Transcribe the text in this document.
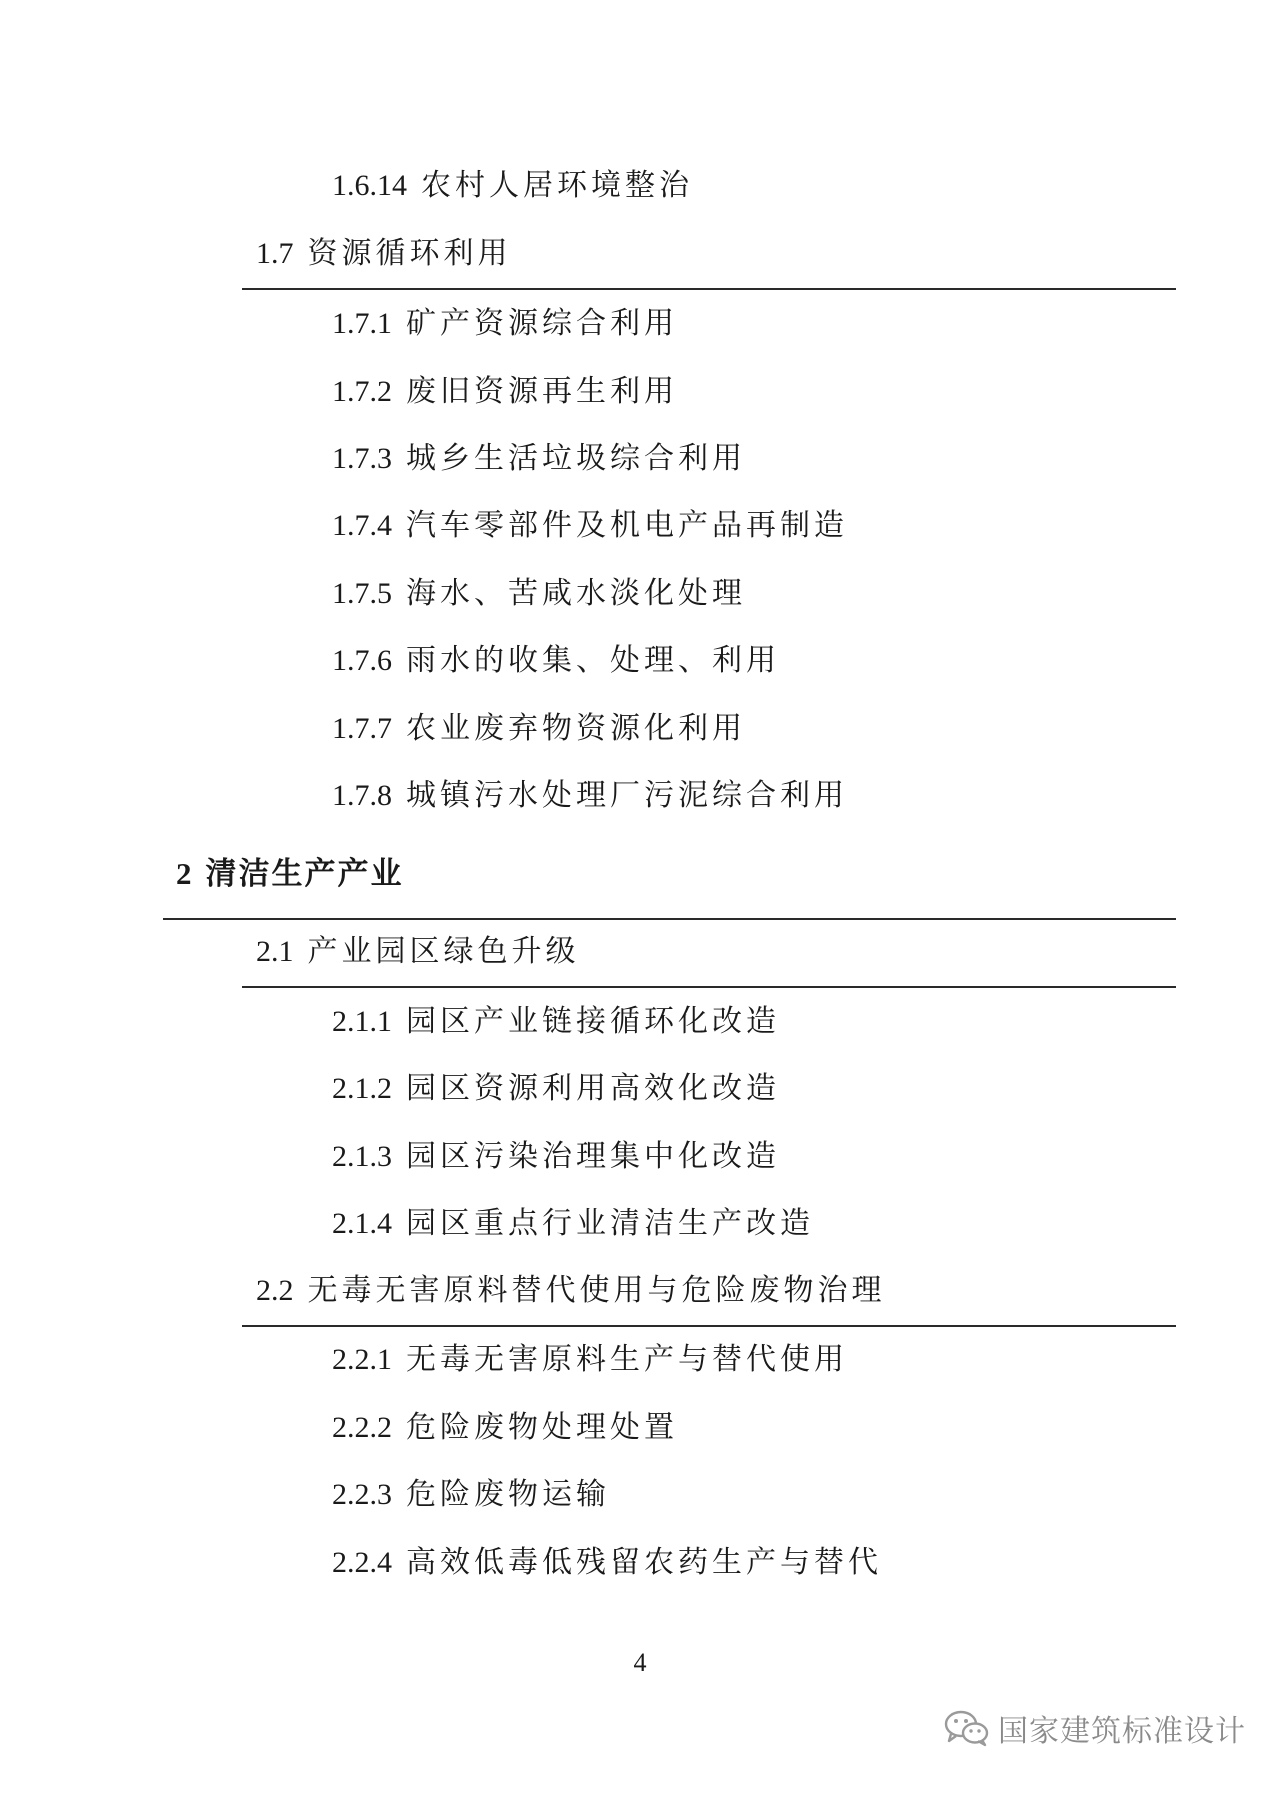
1.6.14 农村人居环境整治
1.7 资源循环利用
1.7.1 矿产资源综合利用
1.7.2 废旧资源再生利用
1.7.3 城乡生活垃圾综合利用
1.7.4 汽车零部件及机电产品再制造
1.7.5 海水、苦咸水淡化处理
1.7.6 雨水的收集、处理、利用
1.7.7 农业废弃物资源化利用
1.7.8 城镇污水处理厂污泥综合利用
2 清洁生产产业
2.1 产业园区绿色升级
2.1.1 园区产业链接循环化改造
2.1.2 园区资源利用高效化改造
2.1.3 园区污染治理集中化改造
2.1.4 园区重点行业清洁生产改造
2.2 无毒无害原料替代使用与危险废物治理
2.2.1 无毒无害原料生产与替代使用
2.2.2 危险废物处理处置
2.2.3 危险废物运输
2.2.4 高效低毒低残留农药生产与替代
4
国家建筑标准设计
